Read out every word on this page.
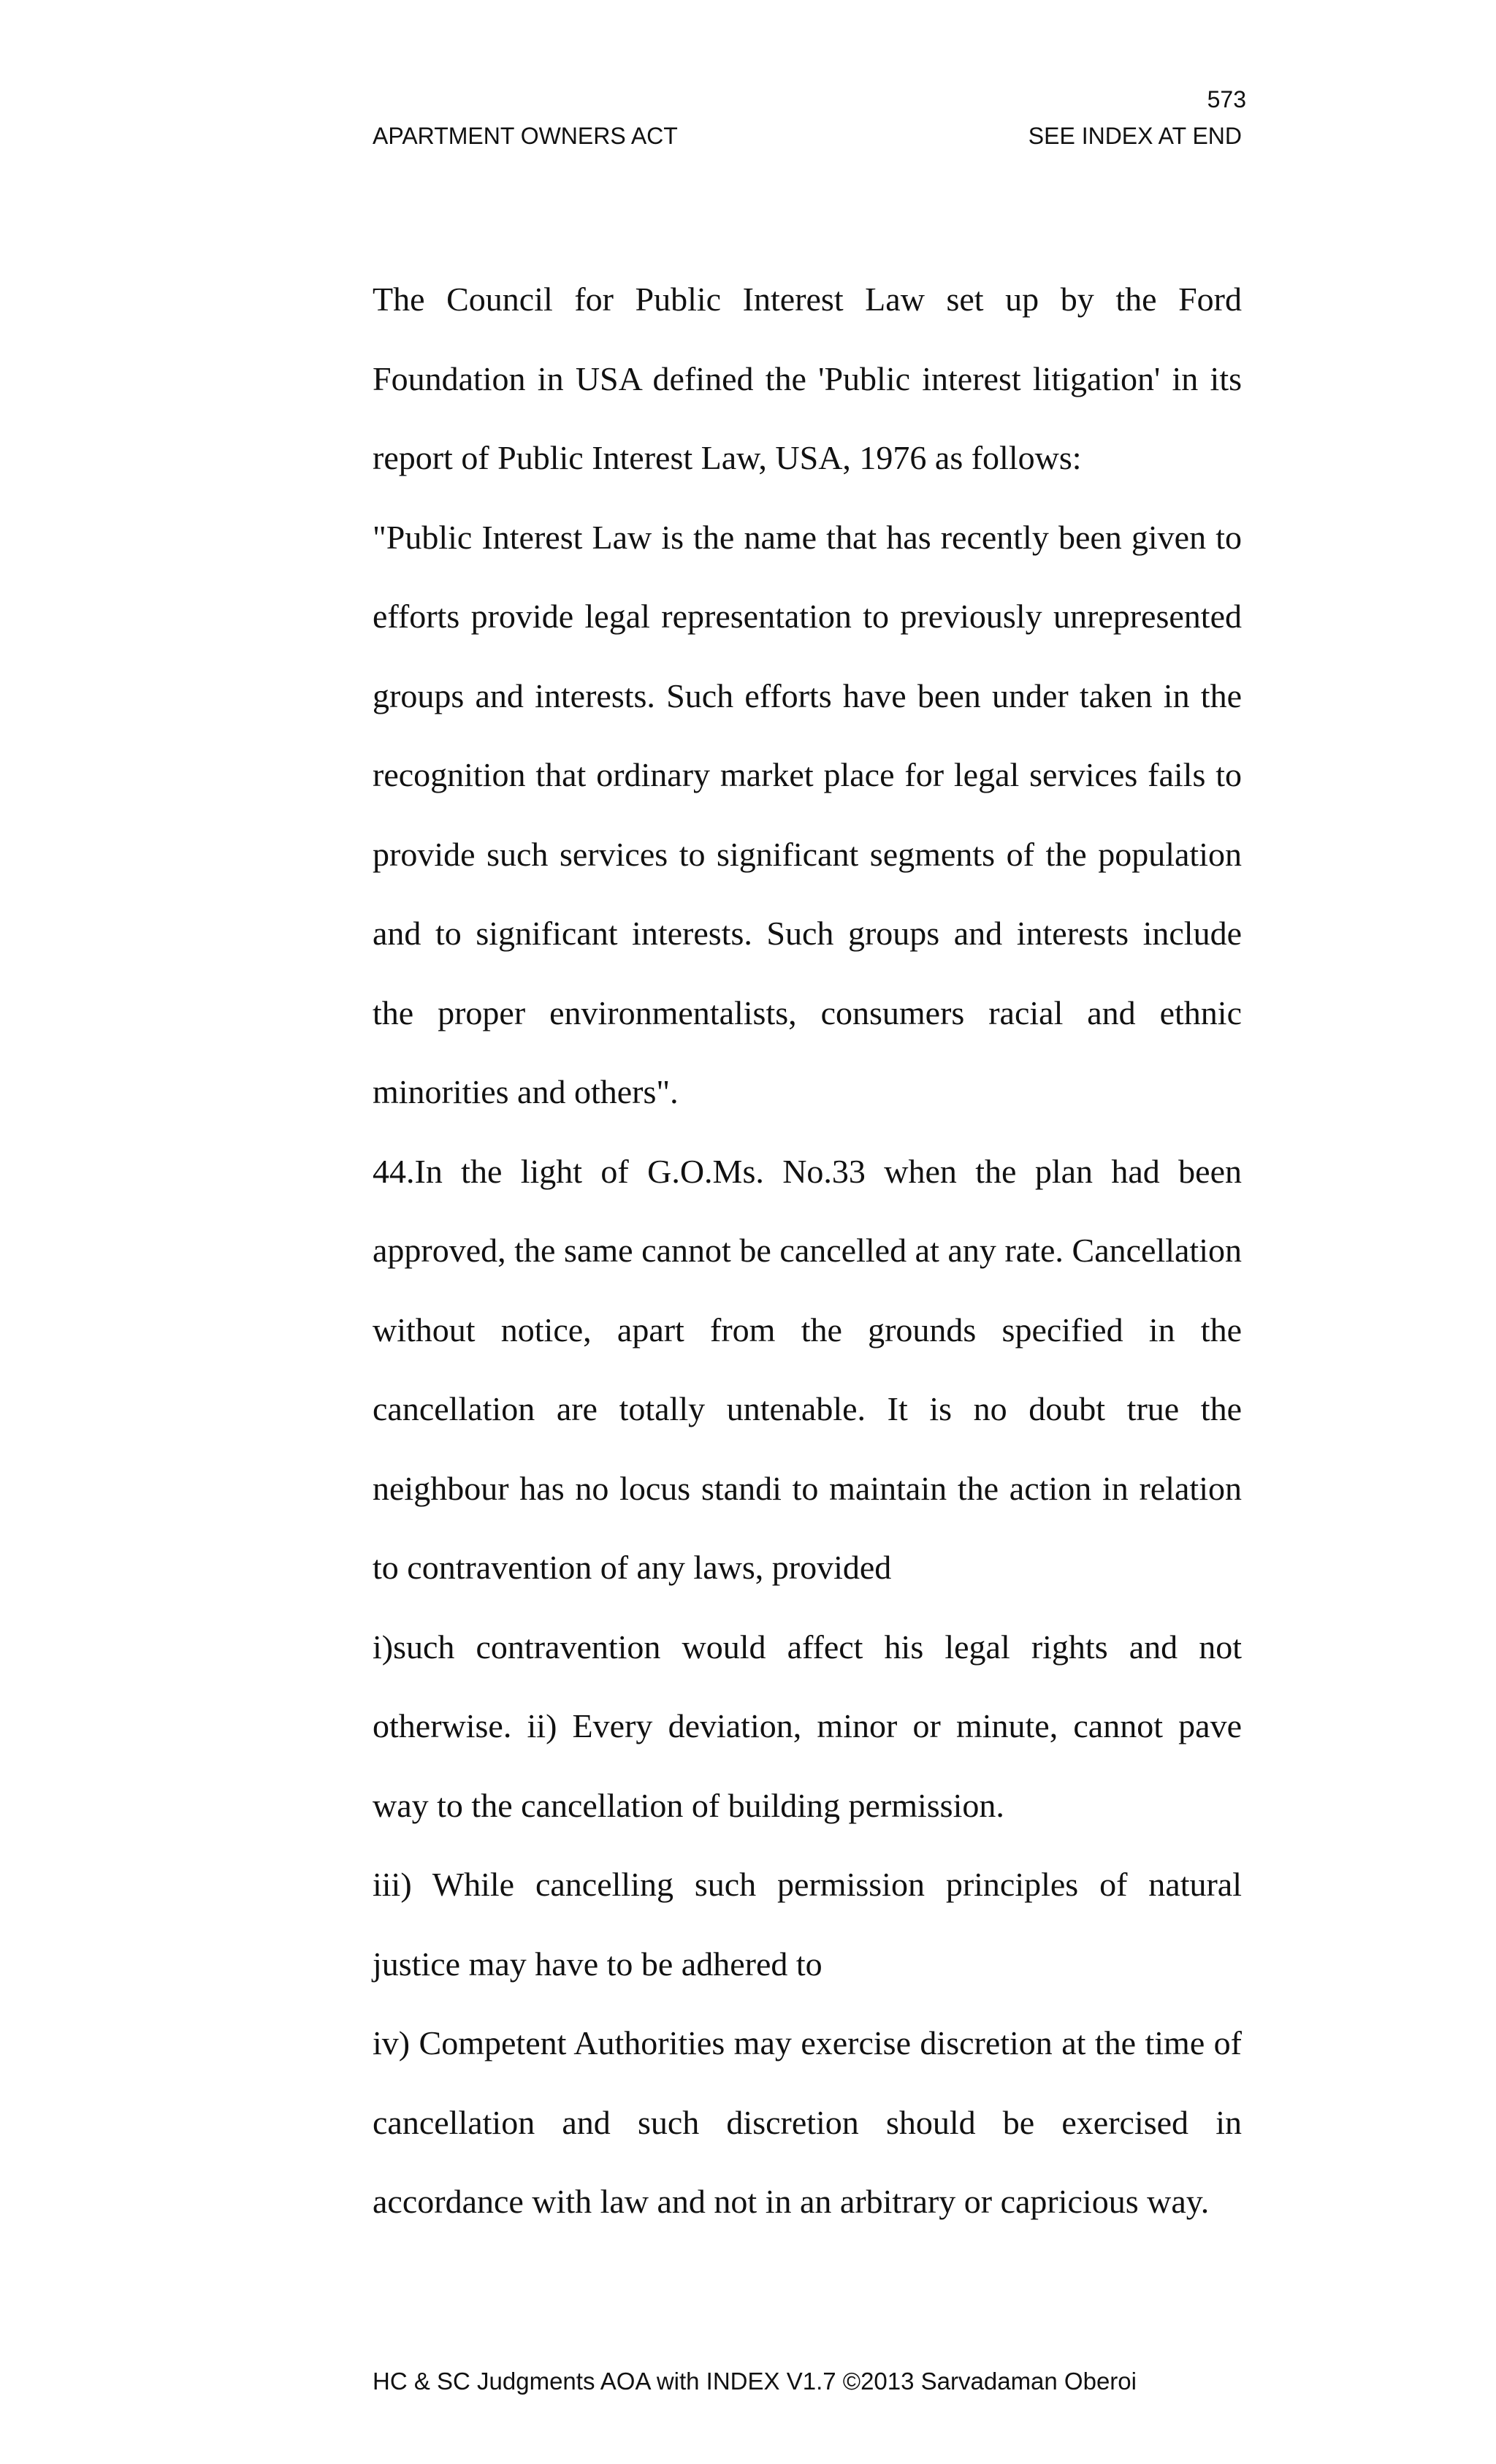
573
APARTMENT OWNERS ACT	SEE INDEX AT END

The Council for Public Interest Law set up by the Ford Foundation in USA defined the 'Public interest litigation' in its report of Public Interest Law, USA, 1976 as follows:

"Public Interest Law is the name that has recently been given to efforts provide legal representation to previously unrepresented groups and interests. Such efforts have been under taken in the recognition that ordinary market place for legal services fails to provide such services to significant segments of the population and to significant interests. Such groups and interests include the proper environmentalists, consumers racial and ethnic minorities and others".

44.In the light of G.O.Ms. No.33 when the plan had been approved, the same cannot be cancelled at any rate. Cancellation without notice, apart from the grounds specified in the cancellation are totally untenable. It is no doubt true the neighbour has no locus standi to maintain the action in relation to contravention of any laws, provided

i)such contravention would affect his legal rights and not otherwise. ii) Every deviation, minor or minute, cannot pave way to the cancellation of building permission.

iii) While cancelling such permission principles of natural justice may have to be adhered to

iv) Competent Authorities may exercise discretion at the time of cancellation and such discretion should be exercised in accordance with law and not in an arbitrary or capricious way.

HC & SC Judgments AOA with INDEX V1.7 ©2013 Sarvadaman Oberoi
